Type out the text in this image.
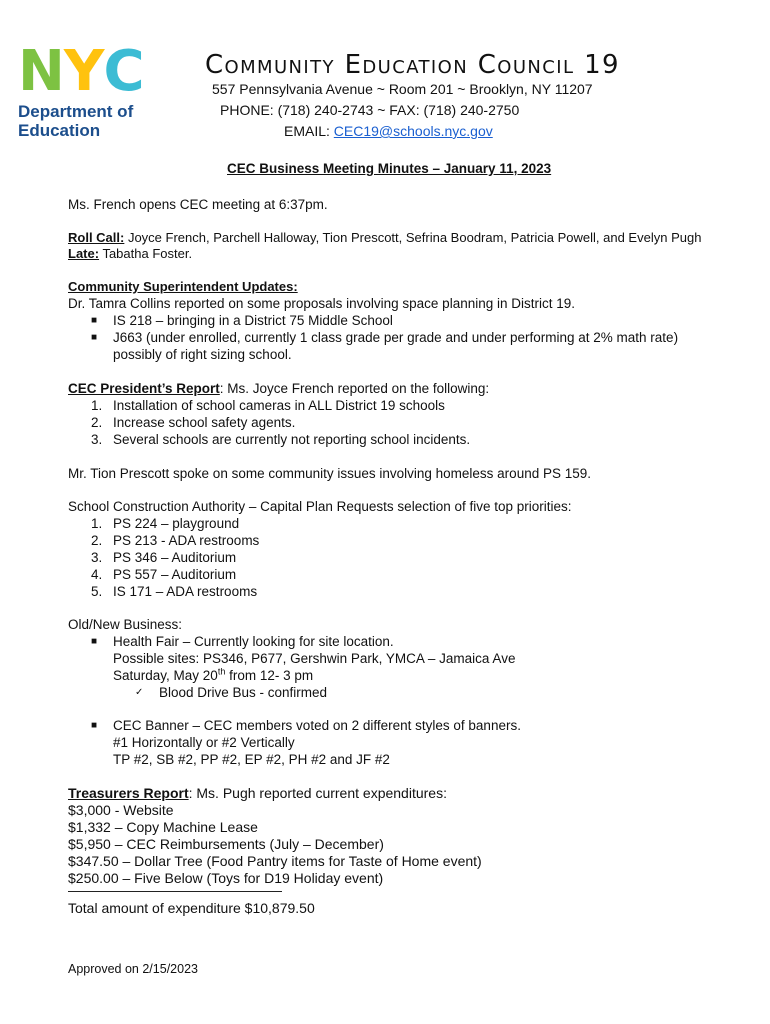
N Y C
Department of
Education
Community Education Council 19
557 Pennsylvania Avenue ~ Room 201 ~ Brooklyn, NY 11207
PHONE: (718) 240-2743 ~ FAX: (718) 240-2750
EMAIL: CEC19@schools.nyc.gov
CEC Business Meeting Minutes – January 11, 2023
Ms. French opens CEC meeting at 6:37pm.
Roll Call: Joyce French, Parchell Halloway, Tion Prescott, Sefrina Boodram, Patricia Powell, and Evelyn Pugh
Late: Tabatha Foster.
Community Superintendent Updates:
Dr. Tamra Collins reported on some proposals involving space planning in District 19.
■ IS 218 – bringing in a District 75 Middle School
■ J663 (under enrolled, currently 1 class grade per grade and under performing at 2% math rate)
possibly of right sizing school.
CEC President’s Report: Ms. Joyce French reported on the following:
1. Installation of school cameras in ALL District 19 schools
2. Increase school safety agents.
3. Several schools are currently not reporting school incidents.
Mr. Tion Prescott spoke on some community issues involving homeless around PS 159.
School Construction Authority – Capital Plan Requests selection of five top priorities:
1. PS 224 – playground
2. PS 213 - ADA restrooms
3. PS 346 – Auditorium
4. PS 557 – Auditorium
5. IS 171 – ADA restrooms
Old/New Business:
■ Health Fair – Currently looking for site location.
Possible sites: PS346, P677, Gershwin Park, YMCA – Jamaica Ave
Saturday, May 20th from 12- 3 pm
✓ Blood Drive Bus - confirmed
■ CEC Banner – CEC members voted on 2 different styles of banners.
#1 Horizontally or #2 Vertically
TP #2, SB #2, PP #2, EP #2, PH #2 and JF #2
Treasurers Report: Ms. Pugh reported current expenditures:
$3,000 - Website
$1,332 – Copy Machine Lease
$5,950 – CEC Reimbursements (July – December)
$347.50 – Dollar Tree (Food Pantry items for Taste of Home event)
$250.00 – Five Below (Toys for D19 Holiday event)
Total amount of expenditure $10,879.50
Approved on 2/15/2023
